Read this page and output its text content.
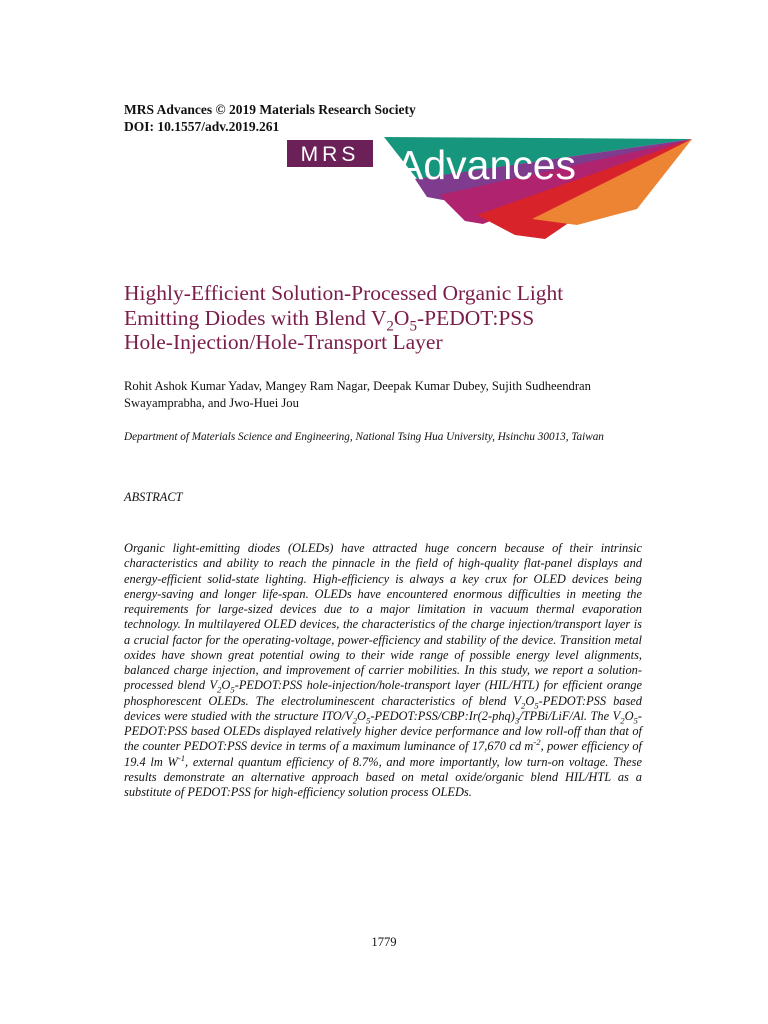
MRS Advances © 2019 Materials Research Society
DOI: 10.1557/adv.2019.261
MRS Advances
Highly-Efficient Solution-Processed Organic Light
Emitting Diodes with Blend $V_2O_5-PEDOT:PSS$
Hole-Injection/Hole-Transport Layer
Rohit Ashok Kumar Yadav, Mangey Ram Nagar, Deepak Kumar Dubey, Sujith Sudheendran Swayamprabha, and Jwo-Huei Jou
Department of Materials Science and Engineering, National Tsing Hua University, Hsinchu 30013, Taiwan
ABSTRACT
Organic light-emitting diodes (OLEDs) have attracted huge concern because of their intrinsic characteristics and ability to reach the pinnacle in the field of high-quality flat-panel displays and energy-efficient solid-state lighting. High-efficiency is always a key crux for OLED devices being energy-saving and longer life-span. OLEDs have encountered enormous difficulties in meeting the requirements for large-sized devices due to a major limitation in vacuum thermal evaporation technology. In multilayered OLED devices, the characteristics of the charge injection/transport layer is a crucial factor for the operating-voltage, power-efficiency and stability of the device. Transition metal oxides have shown great potential owing to their wide range of possible energy level alignments, balanced charge injection, and improvement of carrier mobilities. In this study, we report a solution-processed blend $V_2O_5-PEDOT:PSS$ hole-injection/hole-transport layer (HIL/HTL) for efficient orange phosphorescent OLEDs. The electroluminescent characteristics of blend $V_2O_5-PEDOT:PSS$ based devices were studied with the structure ITO/$V_2O_5-PEDOT:PSS/CBP:Ir(2-phq)_3/TPBi/LiF/Al$. The $V_2O_5-PEDOT:PSS$ based OLEDs displayed relatively higher device performance and low roll-off than that of the counter PEDOT:PSS device in terms of a maximum luminance of 17,670 cd $m^{-2}$, power efficiency of 19.4 lm $W^{-1}$, external quantum efficiency of 8.7%, and more importantly, low turn-on voltage. These results demonstrate an alternative approach based on metal oxide/organic blend HIL/HTL as a substitute of PEDOT:PSS for high-efficiency solution process OLEDs.
1779
